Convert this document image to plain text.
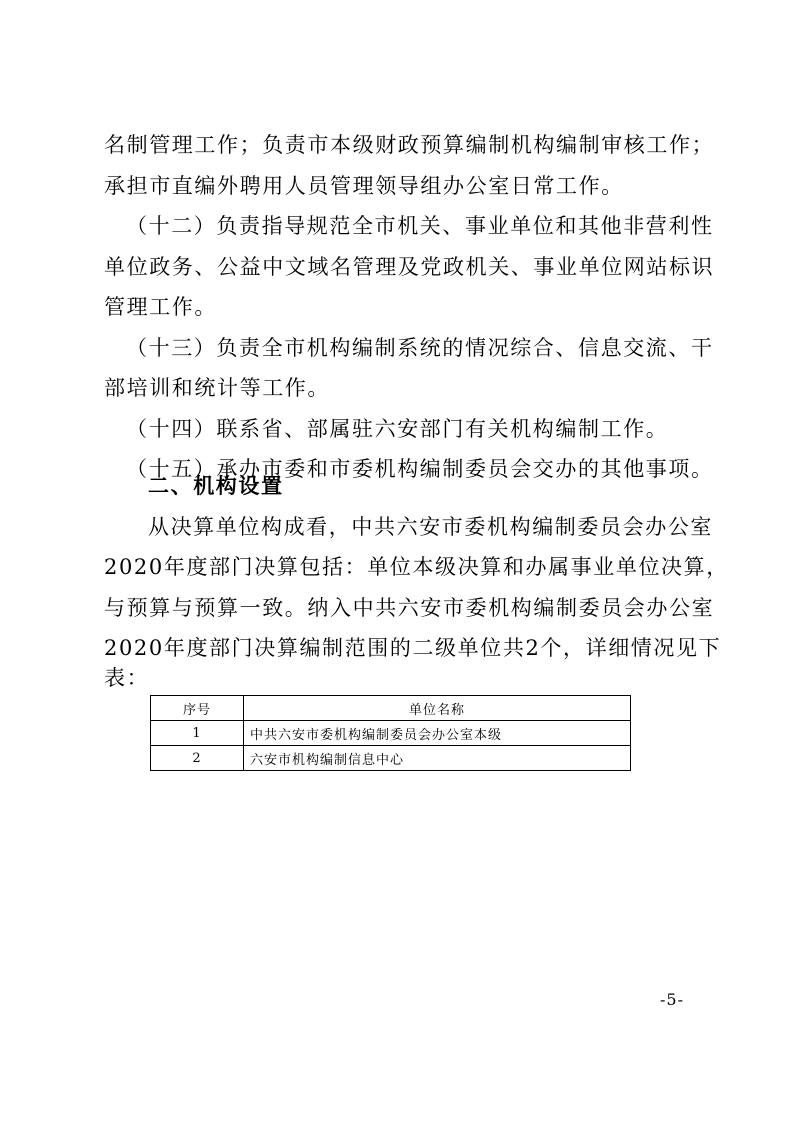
名制管理工作；负责市本级财政预算编制机构编制审核工作；
承担市直编外聘用人员管理领导组办公室日常工作。
（十二）负责指导规范全市机关、事业单位和其他非营利性
单位政务、公益中文域名管理及党政机关、事业单位网站标识
管理工作。
（十三）负责全市机构编制系统的情况综合、信息交流、干
部培训和统计等工作。
（十四）联系省、部属驻六安部门有关机构编制工作。
（十五）承办市委和市委机构编制委员会交办的其他事项。
二、机构设置
从决算单位构成看，中共六安市委机构编制委员会办公室
2020年度部门决算包括：单位本级决算和办属事业单位决算，
与预算与预算一致。纳入中共六安市委机构编制委员会办公室
2020年度部门决算编制范围的二级单位共2个，详细情况见下
表：
序号	单位名称
1	中共六安市委机构编制委员会办公室本级
2	六安市机构编制信息中心
-5-
